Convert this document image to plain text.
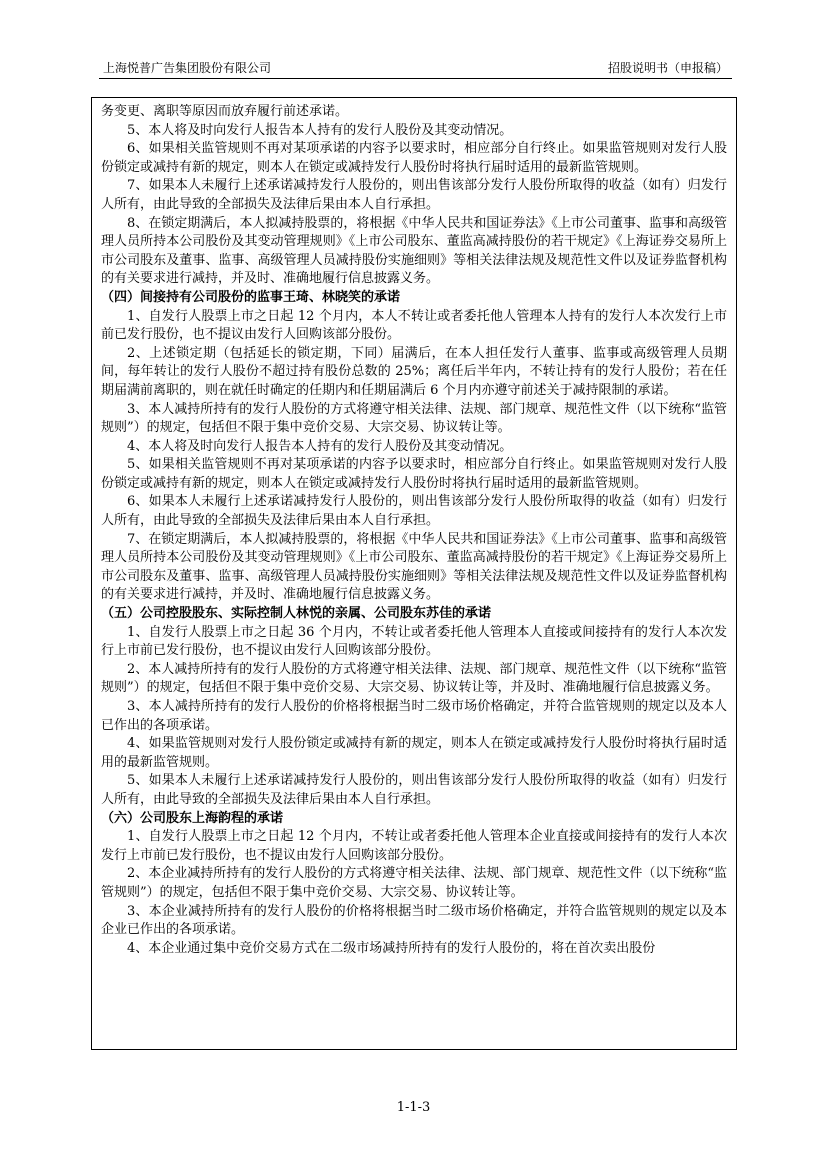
上海悦普广告集团股份有限公司	招股说明书（申报稿）

务变更、离职等原因而放弃履行前述承诺。

5、本人将及时向发行人报告本人持有的发行人股份及其变动情况。

6、如果相关监管规则不再对某项承诺的内容予以要求时，相应部分自行终止。如果监管规则对发行人股份锁定或减持有新的规定，则本人在锁定或减持发行人股份时将执行届时适用的最新监管规则。

7、如果本人未履行上述承诺减持发行人股份的，则出售该部分发行人股份所取得的收益（如有）归发行人所有，由此导致的全部损失及法律后果由本人自行承担。

8、在锁定期满后，本人拟减持股票的，将根据《中华人民共和国证券法》《上市公司董事、监事和高级管理人员所持本公司股份及其变动管理规则》《上市公司股东、董监高减持股份的若干规定》《上海证券交易所上市公司股东及董事、监事、高级管理人员减持股份实施细则》等相关法律法规及规范性文件以及证券监督机构的有关要求进行减持，并及时、准确地履行信息披露义务。

（四）间接持有公司股份的监事王琦、林晓笑的承诺

1、自发行人股票上市之日起 12 个月内，本人不转让或者委托他人管理本人持有的发行人本次发行上市前已发行股份，也不提议由发行人回购该部分股份。

2、上述锁定期（包括延长的锁定期，下同）届满后，在本人担任发行人董事、监事或高级管理人员期间，每年转让的发行人股份不超过持有股份总数的 25%；离任后半年内，不转让持有的发行人股份；若在任期届满前离职的，则在就任时确定的任期内和任期届满后 6 个月内亦遵守前述关于减持限制的承诺。

3、本人减持所持有的发行人股份的方式将遵守相关法律、法规、部门规章、规范性文件（以下统称“监管规则”）的规定，包括但不限于集中竞价交易、大宗交易、协议转让等。

4、本人将及时向发行人报告本人持有的发行人股份及其变动情况。

5、如果相关监管规则不再对某项承诺的内容予以要求时，相应部分自行终止。如果监管规则对发行人股份锁定或减持有新的规定，则本人在锁定或减持发行人股份时将执行届时适用的最新监管规则。

6、如果本人未履行上述承诺减持发行人股份的，则出售该部分发行人股份所取得的收益（如有）归发行人所有，由此导致的全部损失及法律后果由本人自行承担。

7、在锁定期满后，本人拟减持股票的，将根据《中华人民共和国证券法》《上市公司董事、监事和高级管理人员所持本公司股份及其变动管理规则》《上市公司股东、董监高减持股份的若干规定》《上海证券交易所上市公司股东及董事、监事、高级管理人员减持股份实施细则》等相关法律法规及规范性文件以及证券监督机构的有关要求进行减持，并及时、准确地履行信息披露义务。

（五）公司控股股东、实际控制人林悦的亲属、公司股东苏佳的承诺

1、自发行人股票上市之日起 36 个月内，不转让或者委托他人管理本人直接或间接持有的发行人本次发行上市前已发行股份，也不提议由发行人回购该部分股份。

2、本人减持所持有的发行人股份的方式将遵守相关法律、法规、部门规章、规范性文件（以下统称“监管规则”）的规定，包括但不限于集中竞价交易、大宗交易、协议转让等，并及时、准确地履行信息披露义务。

3、本人减持所持有的发行人股份的价格将根据当时二级市场价格确定，并符合监管规则的规定以及本人已作出的各项承诺。

4、如果监管规则对发行人股份锁定或减持有新的规定，则本人在锁定或减持发行人股份时将执行届时适用的最新监管规则。

5、如果本人未履行上述承诺减持发行人股份的，则出售该部分发行人股份所取得的收益（如有）归发行人所有，由此导致的全部损失及法律后果由本人自行承担。

（六）公司股东上海韵程的承诺

1、自发行人股票上市之日起 12 个月内，不转让或者委托他人管理本企业直接或间接持有的发行人本次发行上市前已发行股份，也不提议由发行人回购该部分股份。

2、本企业减持所持有的发行人股份的方式将遵守相关法律、法规、部门规章、规范性文件（以下统称“监管规则”）的规定，包括但不限于集中竞价交易、大宗交易、协议转让等。

3、本企业减持所持有的发行人股份的价格将根据当时二级市场价格确定，并符合监管规则的规定以及本企业已作出的各项承诺。

4、本企业通过集中竞价交易方式在二级市场减持所持有的发行人股份的，将在首次卖出股份

1-1-3
